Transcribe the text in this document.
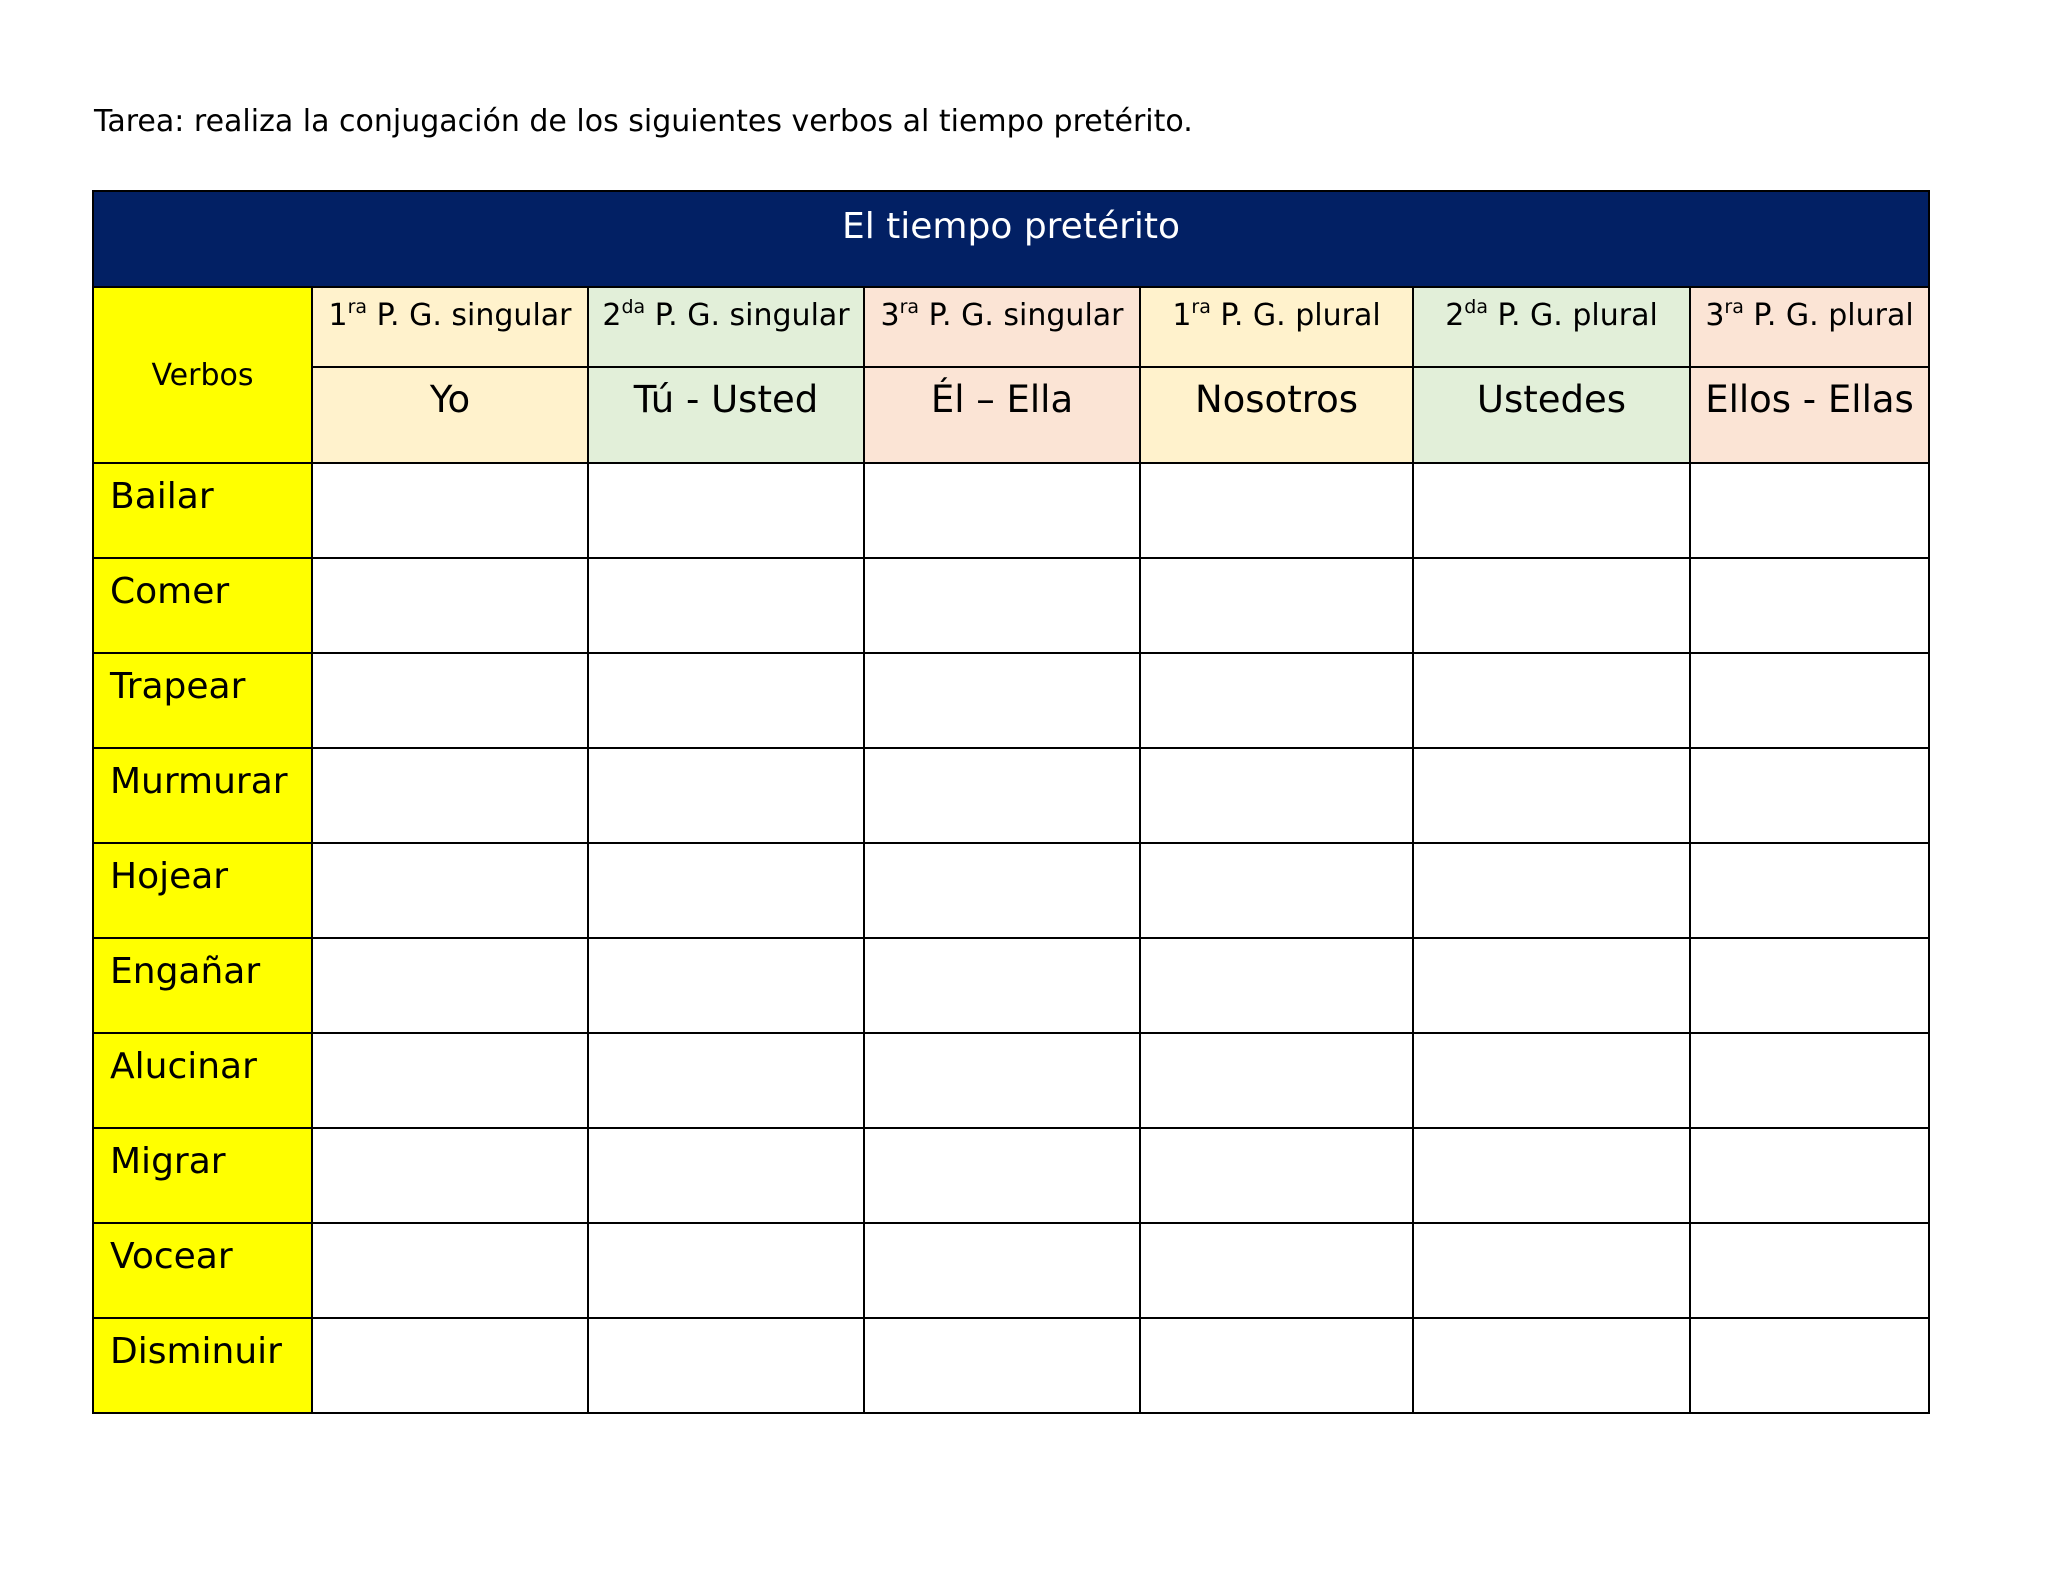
Tarea: realiza la conjugación de los siguientes verbos al tiempo pretérito.
El tiempo pretérito						
Verbos	$1^{ra}$ P. G. singular	$2^{da}$ P. G. singular	$3^{ra}$ P. G. singular	$1^{ra}$ P. G. plural	$2^{da}$ P. G. plural	$3^{ra}$ P. G. plural
	Yo	Tú - Usted	Él – Ella	Nosotros	Ustedes	Ellos - Ellas
Bailar						
Comer						
Trapear						
Murmurar						
Hojear						
Engañar						
Alucinar						
Migrar						
Vocear						
Disminuir						
